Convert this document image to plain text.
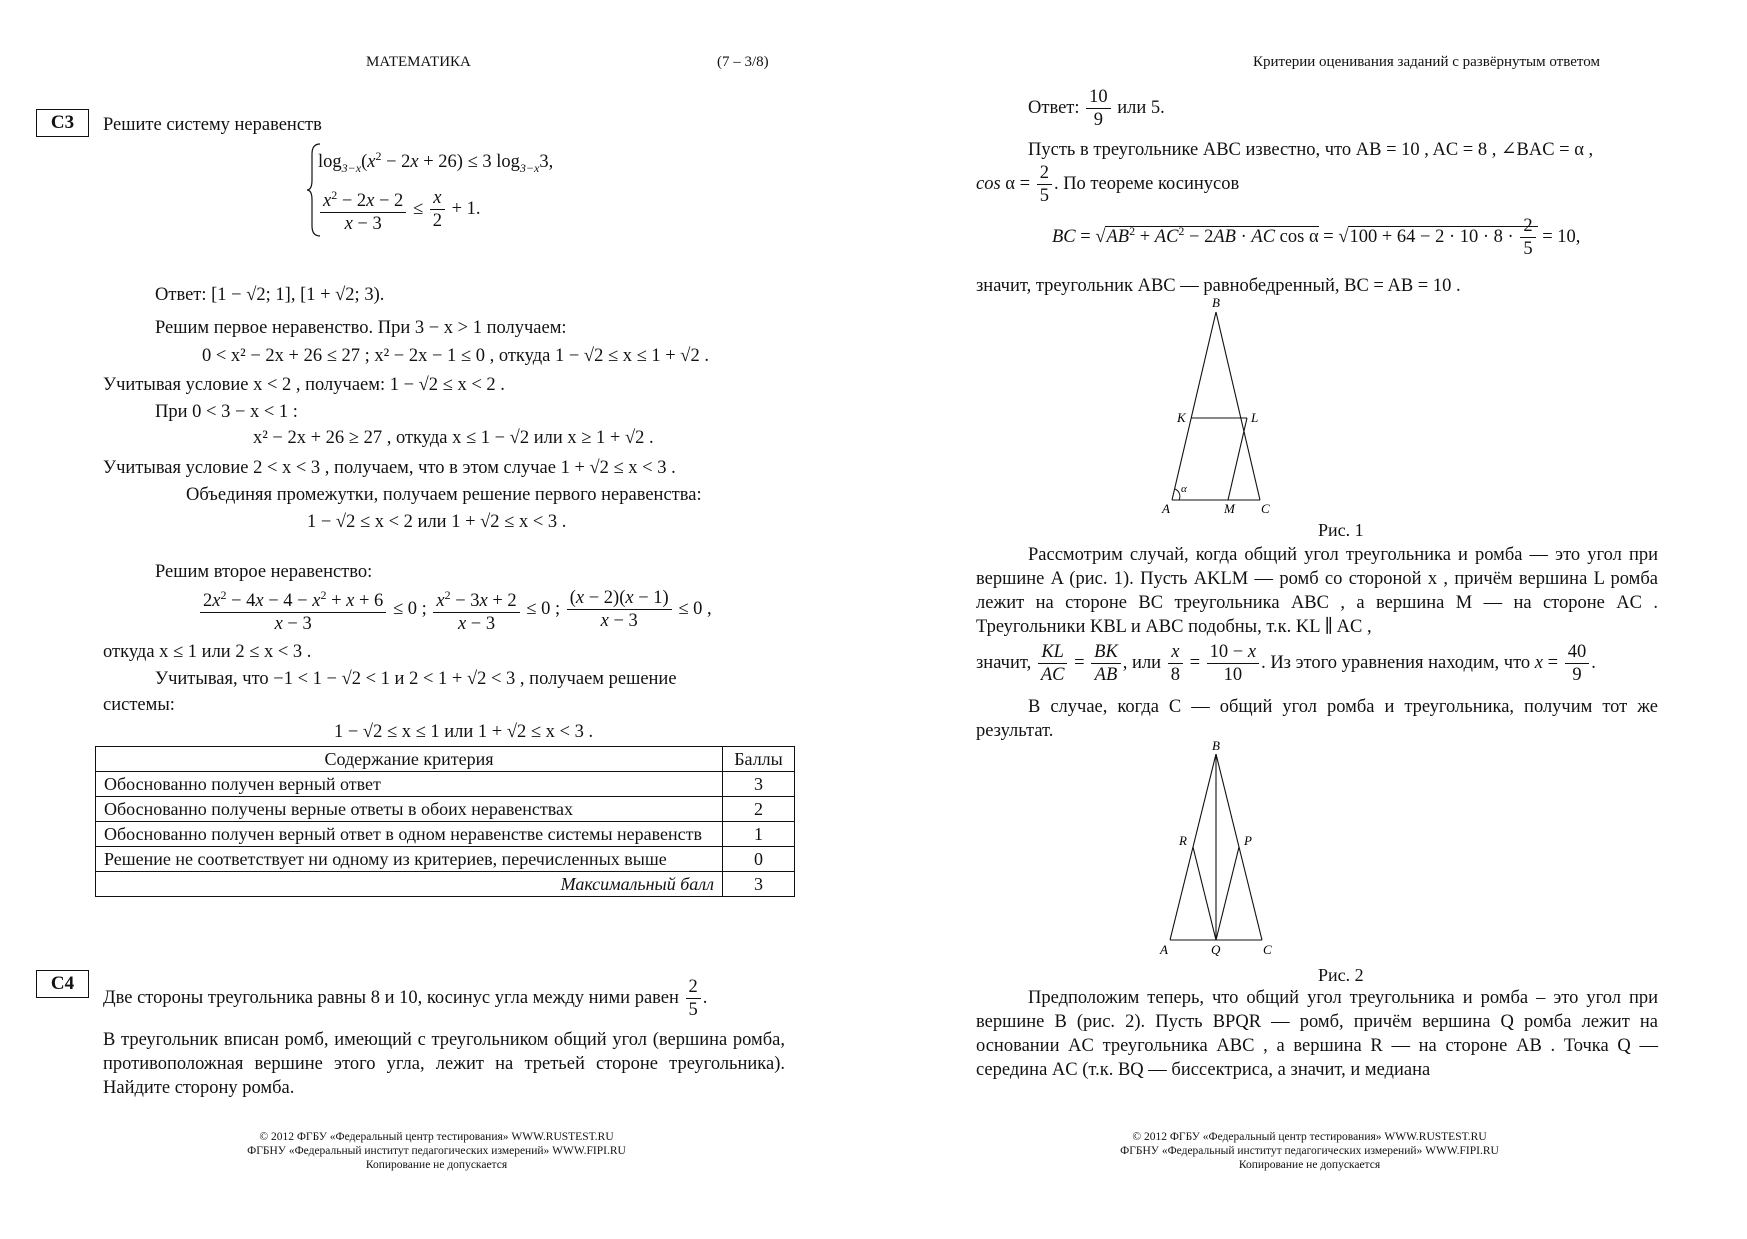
МАТЕМАТИКА	(7 – 3/8)
С3	Решите систему неравенств
$\log_{3-x}(x^2 - 2x + 26) \le 3$ $\log_{3-x}3$,
$\frac{x^2 - 2x - 2}{x - 3} \le \frac{x}{2} + 1$.
Ответ: [1 − √2; 1], [1 + √2; 3).
Решим первое неравенство. При 3 − x > 1 получаем:
0 < x² − 2x + 26 ≤ 27 ; x² − 2x − 1 ≤ 0 , откуда 1 − √2 ≤ x ≤ 1 + √2 .
Учитывая условие x < 2 , получаем: 1 − √2 ≤ x < 2 .
При 0 < 3 − x < 1 :
x² − 2x + 26 ≥ 27 , откуда x ≤ 1 − √2 или x ≥ 1 + √2 .
Учитывая условие 2 < x < 3 , получаем, что в этом случае 1 + √2 ≤ x < 3 .
Объединяя промежутки, получаем решение первого неравенства:
1 − √2 ≤ x < 2 или 1 + √2 ≤ x < 3 .
Решим второе неравенство:
$\frac{2x^2 - 4x - 4 - x^2 + x + 6}{x - 3} \le 0$ ; $\frac{x^2 - 3x + 2}{x - 3} \le 0$ ; $\frac{(x - 2)(x - 1)}{x - 3} \le 0$ ,
откуда x ≤ 1 или 2 ≤ x < 3 .
Учитывая, что −1 < 1 − √2 < 1 и 2 < 1 + √2 < 3 , получаем решение
системы:
1 − √2 ≤ x ≤ 1 или 1 + √2 ≤ x < 3 .
Содержание критерия	Баллы
Обоснованно получен верный ответ	3
Обоснованно получены верные ответы в обоих неравенствах	2
Обоснованно получен верный ответ в одном неравенстве системы неравенств	1
Решение не соответствует ни одному из критериев, перечисленных выше	0
Максимальный балл	3
С4
Две стороны треугольника равны 8 и 10, косинус угла между ними равен $\frac{2}{5}$ .
В треугольник вписан ромб, имеющий с треугольником общий угол (вершина ромба, противоположная вершине этого угла, лежит на третьей стороне треугольника). Найдите сторону ромба.
© 2012 ФГБУ «Федеральный центр тестирования» WWW.RUSTEST.RU
ФГБНУ «Федеральный институт педагогических измерений» WWW.FIPI.RU
Копирование не допускается
Критерии оценивания заданий с развёрнутым ответом
Ответ: $\frac{10}{9}$ или 5.
Пусть в треугольнике ABC известно, что AB = 10 , AC = 8 , ∠BAC = α ,
$\cos \alpha = \frac{2}{5}$ . По теореме косинусов
BC = $√AB^2 + AC^2 - 2AB$ · AC $\cos \alpha = √100 + 64 - 2 \cdot 10 \cdot 8 \cdot \frac{2}{5} = 10$,
значит, треугольник ABC — равнобедренный, BC = AB = 10 .
B
K	L
A	M C
α
Рис. 1
Рассмотрим случай, когда общий угол треугольника и ромба — это угол при вершине A (рис. 1). Пусть AKLM — ромб со стороной x , причём вершина L ромба лежит на стороне BC треугольника ABC , а вершина M — на стороне AC . Треугольники KBL и ABC подобны, т.к. KL ∥ AC ,
значит, $\frac{KL}{AC} = \frac{BK}{AB}$ , или $\frac{x}{8} = \frac{10 - x}{10}$ . Из этого уравнения находим, что $x = \frac{40}{9}$ .
В случае, когда C — общий угол ромба и треугольника, получим тот же результат.
B
R	P
A	Q	C
Рис. 2
Предположим теперь, что общий угол треугольника и ромба – это угол при вершине B (рис. 2). Пусть BPQR — ромб, причём вершина Q ромба лежит на основании AC треугольника ABC , а вершина R — на стороне AB . Точка Q — середина AC (т.к. BQ — биссектриса, а значит, и медиана
© 2012 ФГБУ «Федеральный центр тестирования» WWW.RUSTEST.RU
ФГБНУ «Федеральный институт педагогических измерений» WWW.FIPI.RU
Копирование не допускается
